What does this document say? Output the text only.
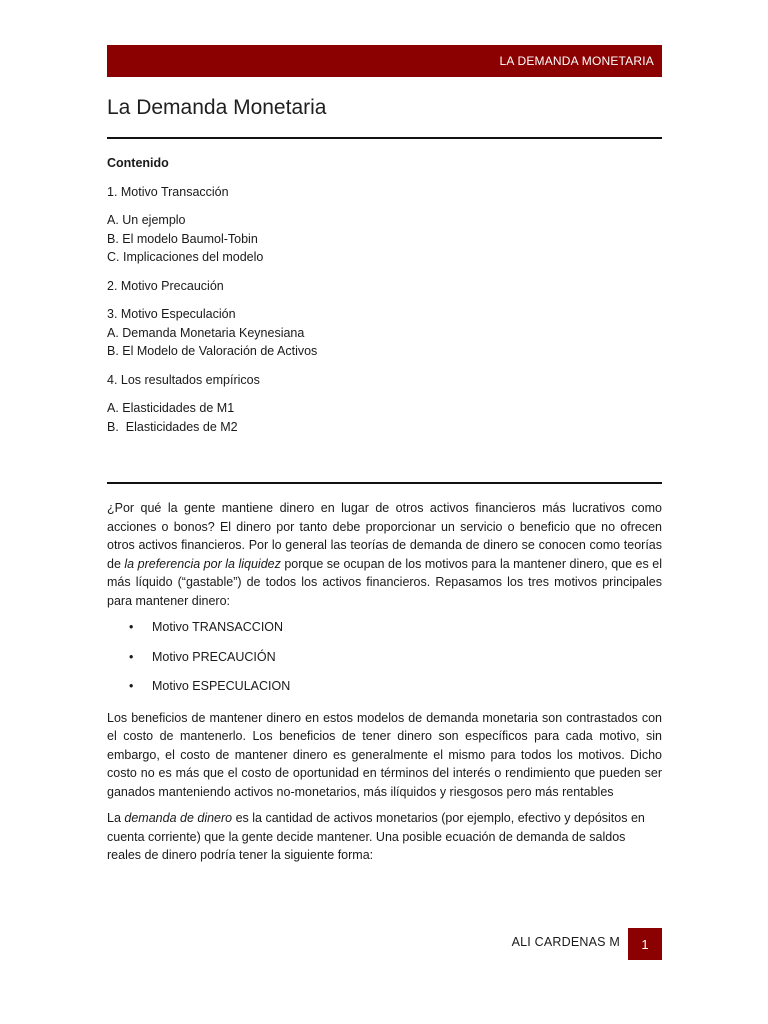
LA DEMANDA MONETARIA
La Demanda Monetaria
Contenido
1. Motivo Transacción
A. Un ejemplo
B. El modelo Baumol-Tobin
C. Implicaciones del modelo
2. Motivo Precaución
3. Motivo Especulación
A. Demanda Monetaria Keynesiana
B. El Modelo de Valoración de Activos
4. Los resultados empíricos
A. Elasticidades de M1
B.  Elasticidades de M2

¿Por qué la gente mantiene dinero en lugar de otros activos financieros más lucrativos como acciones o bonos? El dinero por tanto debe proporcionar un servicio o beneficio que no ofrecen otros activos financieros. Por lo general las teorías de demanda de dinero se conocen como teorías de la preferencia por la liquidez porque se ocupan de los motivos para la mantener dinero, que es el más líquido (“gastable”) de todos los activos financieros. Repasamos los tres motivos principales para mantener dinero:

• Motivo TRANSACCION
• Motivo PRECAUCIÓN
• Motivo ESPECULACION

Los beneficios de mantener dinero en estos modelos de demanda monetaria son contrastados con el costo de mantenerlo. Los beneficios de tener dinero son específicos para cada motivo, sin embargo, el costo de mantener dinero es generalmente el mismo para todos los motivos. Dicho costo no es más que el costo de oportunidad en términos del interés o rendimiento que pueden ser ganados manteniendo activos no-monetarios, más ilíquidos y riesgosos pero más rentables

La demanda de dinero es la cantidad de activos monetarios (por ejemplo, efectivo y depósitos en cuenta corriente) que la gente decide mantener. Una posible ecuación de demanda de saldos reales de dinero podría tener la siguiente forma:

ALI CARDENAS M 1
